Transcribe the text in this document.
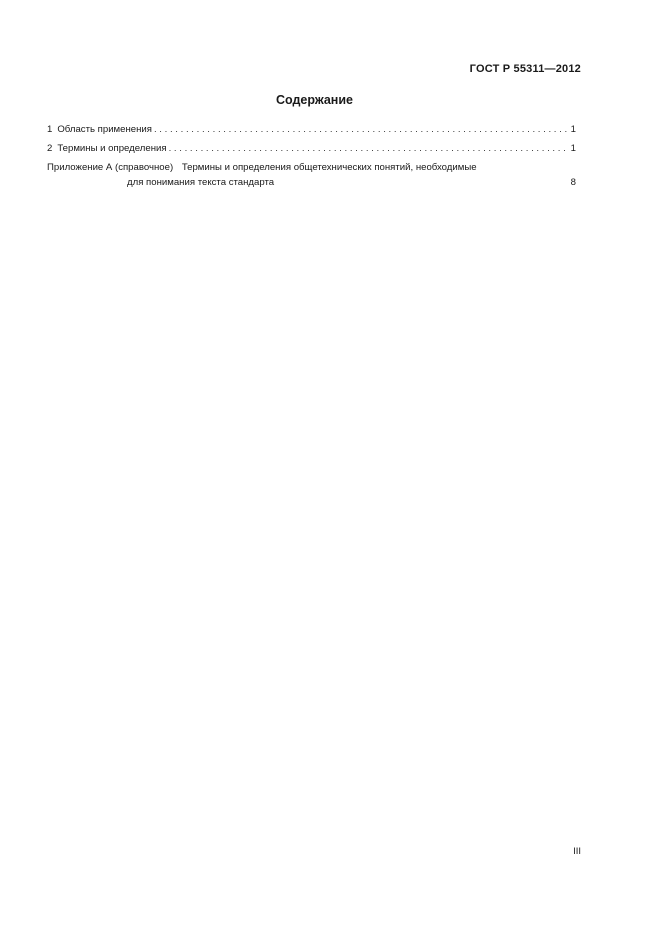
ГОСТ Р 55311—2012
Содержание
1 Область применения . . .	1
2 Термины и определения . . .	1
Приложение А (справочное) Термины и определения общетехнических понятий, необходимые
для понимания текста стандарта	8
III
